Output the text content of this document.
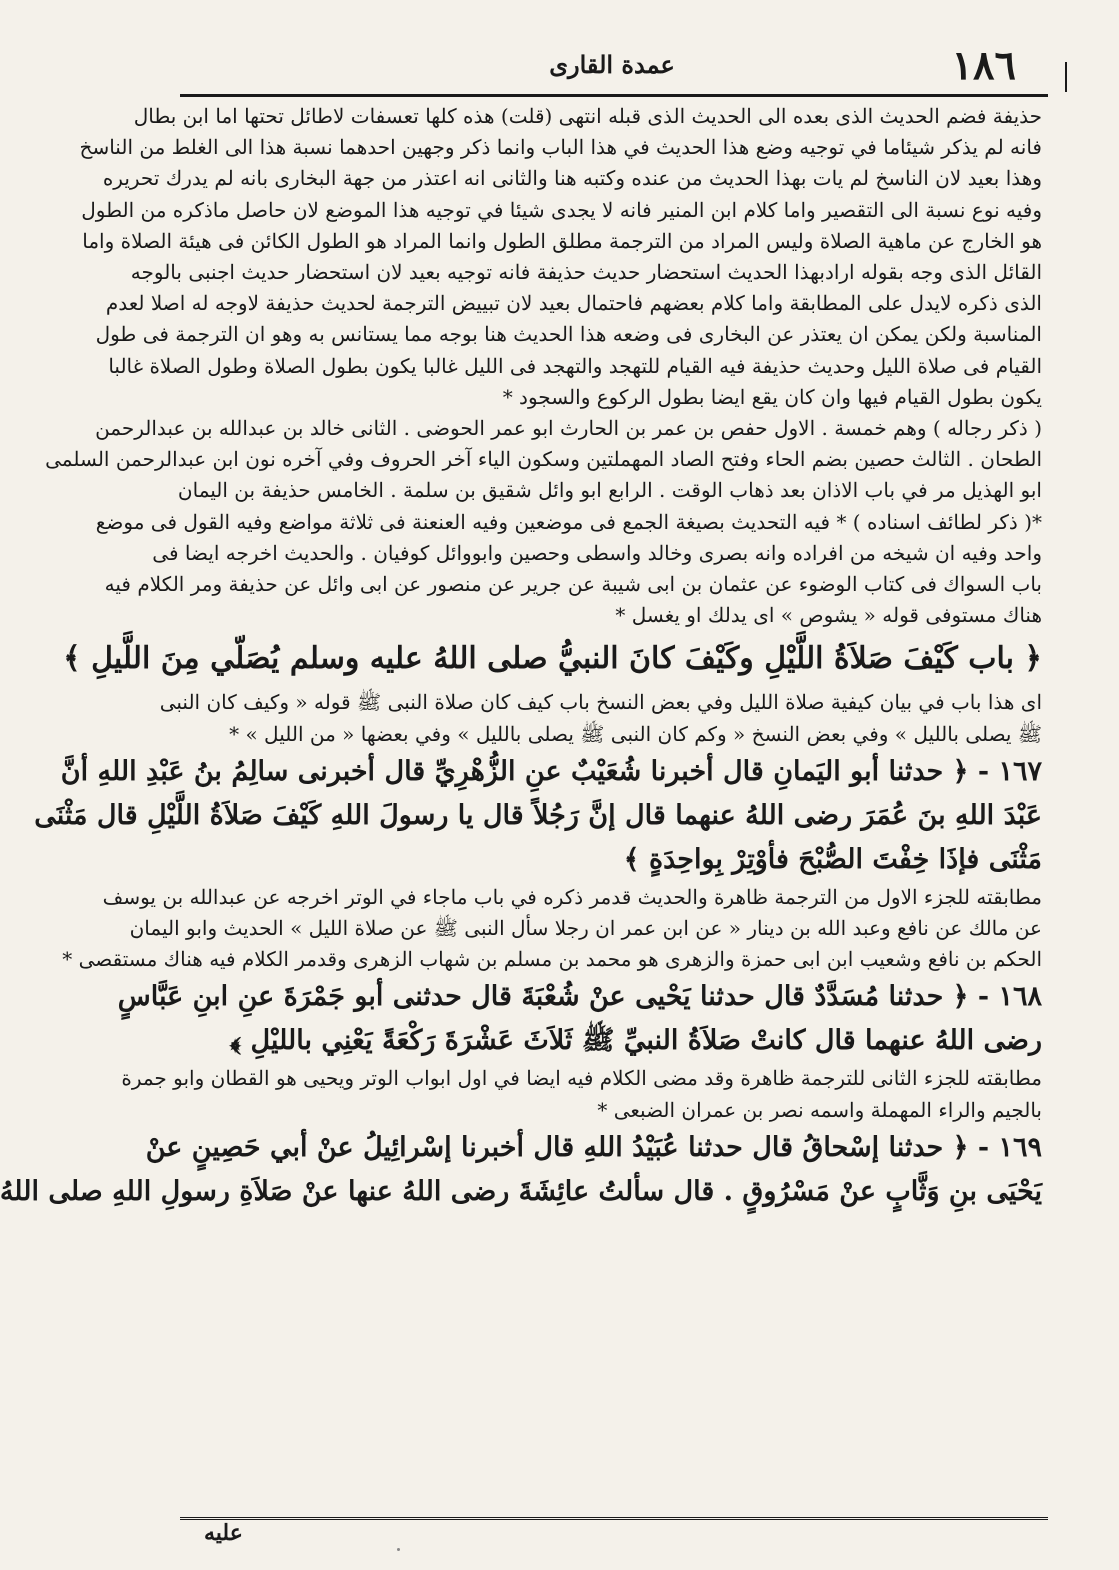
١٨٦
عمدة القارى
حذيفة فضم الحديث الذى بعده الى الحديث الذى قبله انتهى (قلت) هذه كلها تعسفات لاطائل تحتها اما ابن بطال
فانه لم يذكر شيئاما في توجيه وضع هذا الحديث في هذا الباب وانما ذكر وجهين احدهما نسبة هذا الى الغلط من الناسخ
وهذا بعيد لان الناسخ لم يات بهذا الحديث من عنده وكتبه هنا والثانى انه اعتذر من جهة البخارى بانه لم يدرك تحريره
وفيه نوع نسبة الى التقصير واما كلام ابن المنير فانه لا يجدى شيئا في توجيه هذا الموضع لان حاصل ماذكره من الطول
هو الخارج عن ماهية الصلاة وليس المراد من الترجمة مطلق الطول وانما المراد هو الطول الكائن فى هيئة الصلاة واما
القائل الذى وجه بقوله ارادبهذا الحديث استحضار حديث حذيفة فانه توجيه بعيد لان استحضار حديث اجنبى بالوجه
الذى ذكره لايدل على المطابقة واما كلام بعضهم فاحتمال بعيد لان تبييض الترجمة لحديث حذيفة لاوجه له اصلا لعدم
المناسبة ولكن يمكن ان يعتذر عن البخارى فى وضعه هذا الحديث هنا بوجه مما يستانس به وهو ان الترجمة فى طول
القيام فى صلاة الليل وحديث حذيفة فيه القيام للتهجد والتهجد فى الليل غالبا يكون بطول الصلاة وطول الصلاة غالبا
يكون بطول القيام فيها وان كان يقع ايضا بطول الركوع والسجود *
( ذكر رجاله ) وهم خمسة . الاول حفص بن عمر بن الحارث ابو عمر الحوضى . الثانى خالد بن عبدالله بن عبدالرحمن
الطحان . الثالث حصين بضم الحاء وفتح الصاد المهملتين وسكون الياء آخر الحروف وفي آخره نون ابن عبدالرحمن السلمى
ابو الهذيل مر في باب الاذان بعد ذهاب الوقت . الرابع ابو وائل شقيق بن سلمة . الخامس حذيفة بن اليمان
*( ذكر لطائف اسناده ) * فيه التحديث بصيغة الجمع فى موضعين وفيه العنعنة فى ثلاثة مواضع وفيه القول فى موضع
واحد وفيه ان شيخه من افراده وانه بصرى وخالد واسطى وحصين وابووائل كوفيان . والحديث اخرجه ايضا فى
باب السواك فى كتاب الوضوء عن عثمان بن ابى شيبة عن جرير عن منصور عن ابى وائل عن حذيفة ومر الكلام فيه
هناك مستوفى قوله « يشوص » اى يدلك او يغسل *
﴿ باب كَيْفَ صَلاَةُ اللَّيْلِ وكَيْفَ كانَ النبيُّ صلى اللهُ عليه وسلم يُصَلّي مِنَ اللَّيلِ ﴾
اى هذا باب في بيان كيفية صلاة الليل وفي بعض النسخ باب كيف كان صلاة النبى ﷺ قوله « وكيف كان النبى
ﷺ يصلى بالليل » وفي بعض النسخ « وكم كان النبى ﷺ يصلى بالليل » وفي بعضها « من الليل » *
١٦٧ - ﴿ حدثنا أبو اليَمانِ قال أخبرنا شُعَيْبٌ عنِ الزُّهْرِيِّ قال أخبرنى سالِمُ بنُ عَبْدِ اللهِ أنَّ
عَبْدَ اللهِ بنَ عُمَرَ رضى اللهُ عنهما قال إنَّ رَجُلاً قال يا رسولَ اللهِ كَيْفَ صَلاَةُ اللَّيْلِ قال مَثْنَى
مَثْنَى فإذَا خِفْتَ الصُّبْحَ فأوْتِرْ بِواحِدَةٍ ﴾
مطابقته للجزء الاول من الترجمة ظاهرة والحديث قدمر ذكره في باب ماجاء في الوتر اخرجه عن عبدالله بن يوسف
عن مالك عن نافع وعبد الله بن دينار « عن ابن عمر ان رجلا سأل النبى ﷺ عن صلاة الليل » الحديث وابو اليمان
الحكم بن نافع وشعيب ابن ابى حمزة والزهرى هو محمد بن مسلم بن شهاب الزهرى وقدمر الكلام فيه هناك مستقصى *
١٦٨ - ﴿ حدثنا مُسَدَّدٌ قال حدثنا يَحْيى عنْ شُعْبَةَ قال حدثنى أبو جَمْرَةَ عنِ ابنِ عَبَّاسٍ
رضى اللهُ عنهما قال كانتْ صَلاَةُ النبيِّ ﷺ ثَلاَثَ عَشْرَةَ رَكْعَةً يَعْنِي بالليْلِ ﴾
مطابقته للجزء الثانى للترجمة ظاهرة وقد مضى الكلام فيه ايضا في اول ابواب الوتر ويحيى هو القطان وابو جمرة
بالجيم والراء المهملة واسمه نصر بن عمران الضبعى *
١٦٩ - ﴿ حدثنا إسْحاقُ قال حدثنا عُبَيْدُ اللهِ قال أخبرنا إسْرائِيلُ عنْ أبي حَصِينٍ عنْ
يَحْيَى بنِ وَثَّابٍ عنْ مَسْرُوقٍ . قال سألتُ عائِشَةَ رضى اللهُ عنها عنْ صَلاَةِ رسولِ اللهِ صلى اللهُ
عليه
